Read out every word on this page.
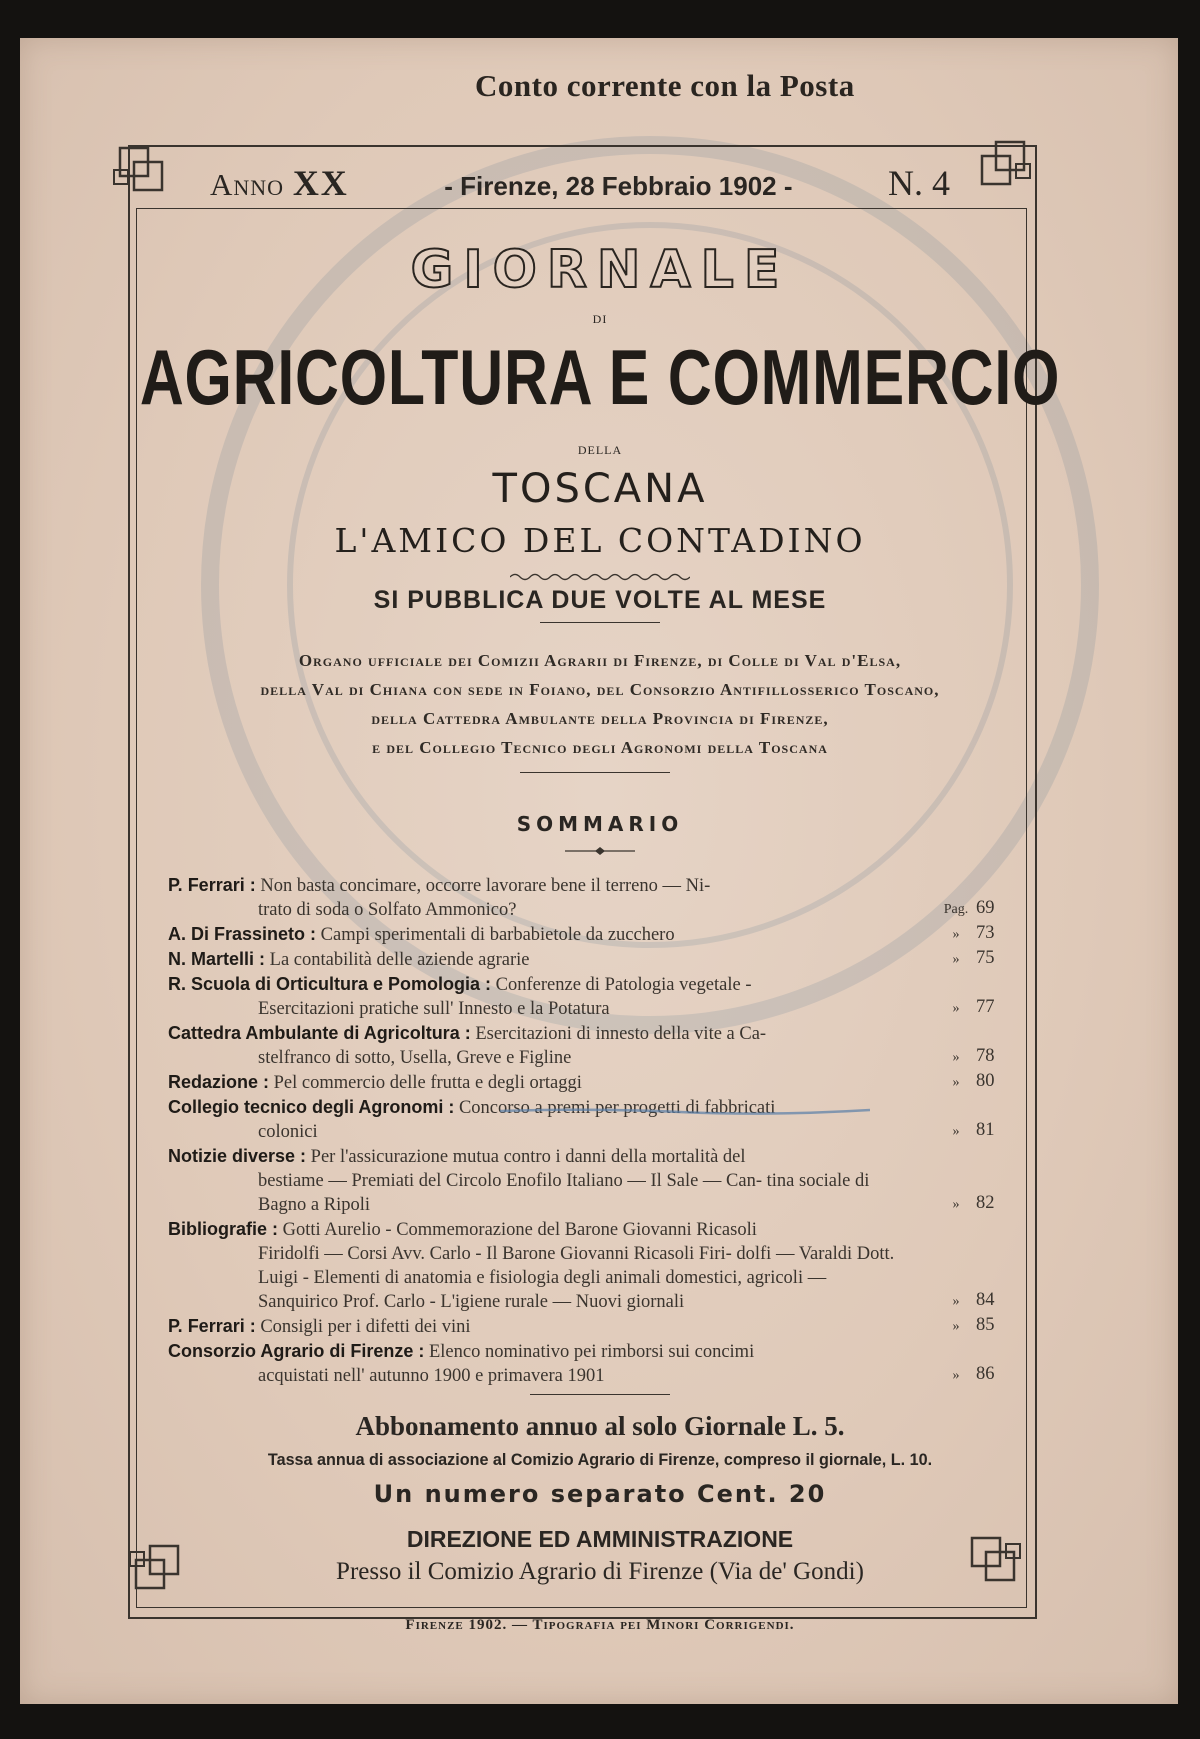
Conto corrente con la Posta
Anno XX	- Firenze, 28 Febbraio 1902 -	N. 4
GIORNALE
DI
AGRICOLTURA E COMMERCIO
DELLA
TOSCANA
L'AMICO DEL CONTADINO
SI PUBBLICA DUE VOLTE AL MESE
Organo ufficiale dei Comizii Agrarii di Firenze, di Colle di Val d'Elsa,
della Val di Chiana con sede in Foiano, del Consorzio Antifillosserico Toscano,
della Cattedra Ambulante della Provincia di Firenze,
e del Collegio Tecnico degli Agronomi della Toscana
SOMMARIO
P. Ferrari : Non basta concimare, occorre lavorare bene il terreno — Ni-
trato di soda o Solfato Ammonico?	Pag. 69
A. Di Frassineto : Campi sperimentali di barbabietole da zucchero	» 73
N. Martelli : La contabilità delle aziende agrarie	» 75
R. Scuola di Orticultura e Pomologia : Conferenze di Patologia vegetale -
Esercitazioni pratiche sull' Innesto e la Potatura	» 77
Cattedra Ambulante di Agricoltura : Esercitazioni di innesto della vite a Ca-
stelfranco di sotto, Usella, Greve e Figline	» 78
Redazione : Pel commercio delle frutta e degli ortaggi	» 80
Collegio tecnico degli Agronomi : Concorso a premi per progetti di fabbricati
colonici	» 81
Notizie diverse : Per l'assicurazione mutua contro i danni della mortalità del
bestiame — Premiati del Circolo Enofilo Italiano — Il Sale — Can- tina sociale di Bagno a Ripoli	» 82
Bibliografie : Gotti Aurelio - Commemorazione del Barone Giovanni Ricasoli
Firidolfi — Corsi Avv. Carlo - Il Barone Giovanni Ricasoli Firi- dolfi — Varaldi Dott. Luigi - Elementi di anatomia e fisiologia degli animali domestici, agricoli — Sanquirico Prof. Carlo - L'igiene rurale — Nuovi giornali	» 84
P. Ferrari : Consigli per i difetti dei vini	» 85
Consorzio Agrario di Firenze : Elenco nominativo pei rimborsi sui concimi
acquistati nell' autunno 1900 e primavera 1901	» 86
Abbonamento annuo al solo Giornale L. 5.
Tassa annua di associazione al Comizio Agrario di Firenze, compreso il giornale, L. 10.
Un numero separato Cent. 20
DIREZIONE ED AMMINISTRAZIONE
Presso il Comizio Agrario di Firenze (Via de' Gondi)
Firenze 1902. — Tipografia pei Minori Corrigendi.
